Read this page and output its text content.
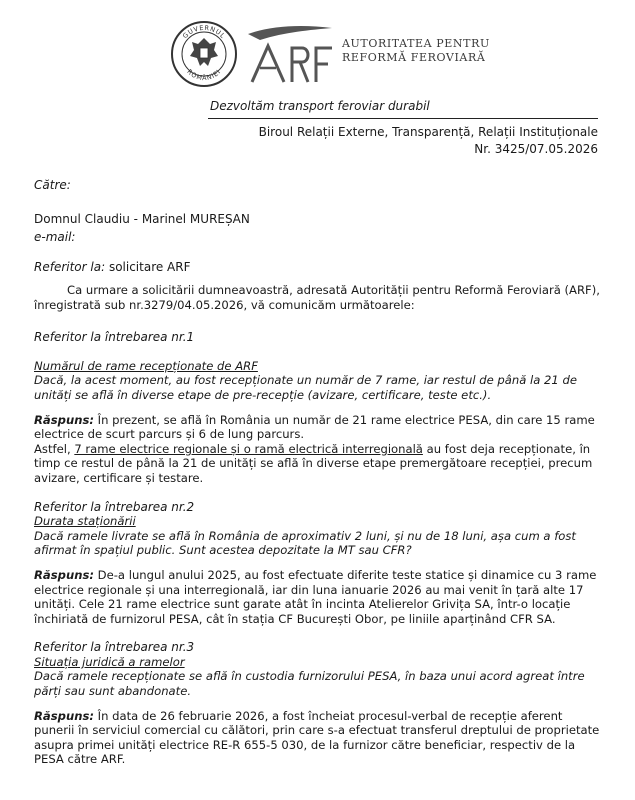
GUVERNUL
ROMÂNIEI
AUTORITATEA PENTRU
REFORMĂ FEROVIARĂ
Dezvoltăm transport feroviar durabil
Biroul Relații Externe, Transparență, Relații Instituționale
Nr. 3425/07.05.2026
Către:
Domnul Claudiu - Marinel MUREȘAN
e-mail:
Referitor la: solicitare ARF

Ca urmare a solicitării dumneavoastră, adresată Autorității pentru Reformă Feroviară (ARF), înregistrată sub nr.3279/04.05.2026, vă comunicăm următoarele:

Referitor la întrebarea nr.1

Numărul de rame recepționate de ARF

Dacă, la acest moment, au fost recepționate un număr de 7 rame, iar restul de până la 21 de unități se află în diverse etape de pre-recepție (avizare, certificare, teste etc.).

Răspuns: În prezent, se află în România un număr de 21 rame electrice PESA, din care 15 rame electrice de scurt parcurs și 6 de lung parcurs.

Astfel, 7 rame electrice regionale și o ramă electrică interregională au fost deja recepționate, în timp ce restul de până la 21 de unități se află în diverse etape premergătoare recepției, precum avizare, certificare și testare.

Referitor la întrebarea nr.2

Durata staționării

Dacă ramele livrate se află în România de aproximativ 2 luni, și nu de 18 luni, așa cum a fost afirmat în spațiul public. Sunt acestea depozitate la MT sau CFR?

Răspuns: De-a lungul anului 2025, au fost efectuate diferite teste statice și dinamice cu 3 rame electrice regionale și una interregională, iar din luna ianuarie 2026 au mai venit în țară alte 17 unități. Cele 21 rame electrice sunt garate atât în incinta Atelierelor Grivița SA, într-o locație închiriată de furnizorul PESA, cât în stația CF București Obor, pe liniile aparținând CFR SA.

Referitor la întrebarea nr.3

Situația juridică a ramelor

Dacă ramele recepționate se află în custodia furnizorului PESA, în baza unui acord agreat între părți sau sunt abandonate.

Răspuns: În data de 26 februarie 2026, a fost încheiat procesul-verbal de recepție aferent punerii în serviciul comercial cu călători, prin care s-a efectuat transferul dreptului de proprietate asupra primei unități electrice RE-R 655-5 030, de la furnizor către beneficiar, respectiv de la PESA către ARF.
